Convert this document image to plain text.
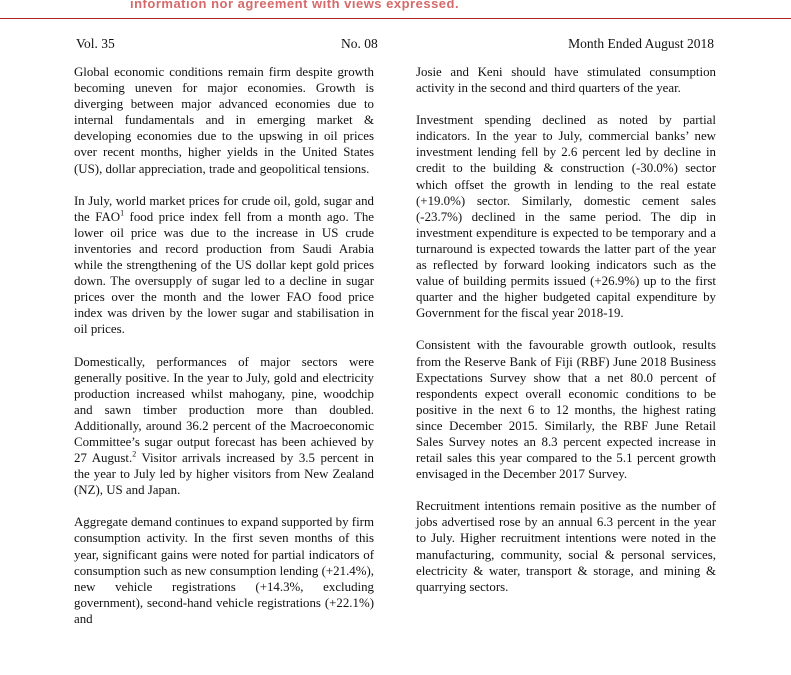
information nor agreement with views expressed.
Vol. 35	No. 08	Month Ended August 2018

Global economic conditions remain firm despite growth becoming uneven for major economies. Growth is diverging between major advanced economies due to internal fundamentals and in emerging market & developing economies due to the upswing in oil prices over recent months, higher yields in the United States (US), dollar appreciation, trade and geopolitical tensions.

In July, world market prices for crude oil, gold, sugar and the FAO$^1$ food price index fell from a month ago. The lower oil price was due to the increase in US crude inventories and record production from Saudi Arabia while the strengthening of the US dollar kept gold prices down. The oversupply of sugar led to a decline in sugar prices over the month and the lower FAO food price index was driven by the lower sugar and stabilisation in oil prices.

Domestically, performances of major sectors were generally positive. In the year to July, gold and electricity production increased whilst mahogany, pine, woodchip and sawn timber production more than doubled. Additionally, around 36.2 percent of the Macroeconomic Committee’s sugar output forecast has been achieved by 27 August.$^2$ Visitor arrivals increased by 3.5 percent in the year to July led by higher visitors from New Zealand (NZ), US and Japan.

Aggregate demand continues to expand supported by firm consumption activity. In the first seven months of this year, significant gains were noted for partial indicators of consumption such as new consumption lending (+21.4%), new vehicle registrations (+14.3%, excluding government), second-hand vehicle registrations (+22.1%) and

Josie and Keni should have stimulated consumption activity in the second and third quarters of the year.

Investment spending declined as noted by partial indicators. In the year to July, commercial banks’ new investment lending fell by 2.6 percent led by decline in credit to the building & construction (-30.0%) sector which offset the growth in lending to the real estate (+19.0%) sector. Similarly, domestic cement sales (-23.7%) declined in the same period. The dip in investment expenditure is expected to be temporary and a turnaround is expected towards the latter part of the year as reflected by forward looking indicators such as the value of building permits issued (+26.9%) up to the first quarter and the higher budgeted capital expenditure by Government for the fiscal year 2018-19.

Consistent with the favourable growth outlook, results from the Reserve Bank of Fiji (RBF) June 2018 Business Expectations Survey show that a net 80.0 percent of respondents expect overall economic conditions to be positive in the next 6 to 12 months, the highest rating since December 2015. Similarly, the RBF June Retail Sales Survey notes an 8.3 percent expected increase in retail sales this year compared to the 5.1 percent growth envisaged in the December 2017 Survey.

Recruitment intentions remain positive as the number of jobs advertised rose by an annual 6.3 percent in the year to July. Higher recruitment intentions were noted in the manufacturing, community, social & personal services, electricity & water, transport & storage, and mining & quarrying sectors.
